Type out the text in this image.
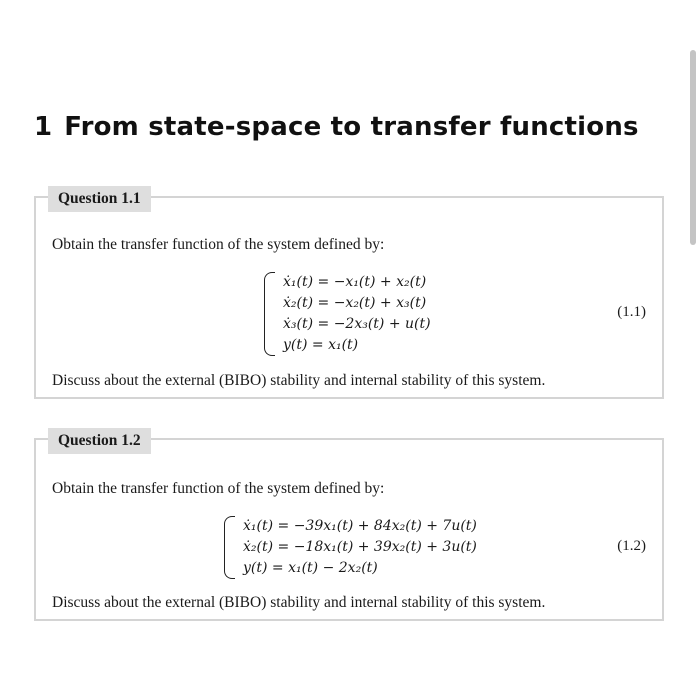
1 From state-space to transfer functions
Question 1.1

Obtain the transfer function of the system defined by:

ẋ₁(t) = −x₁(t) + x₂(t)
ẋ₂(t) = −x₂(t) + x₃(t)
ẋ₃(t) = −2x₃(t) + u(t)
y(t) = x₁(t)
(1.1)

Discuss about the external (BIBO) stability and internal stability of this system.

Question 1.2

Obtain the transfer function of the system defined by:

ẋ₁(t) = −39x₁(t) + 84x₂(t) + 7u(t)
ẋ₂(t) = −18x₁(t) + 39x₂(t) + 3u(t)
y(t) = x₁(t) − 2x₂(t)
(1.2)

Discuss about the external (BIBO) stability and internal stability of this system.
